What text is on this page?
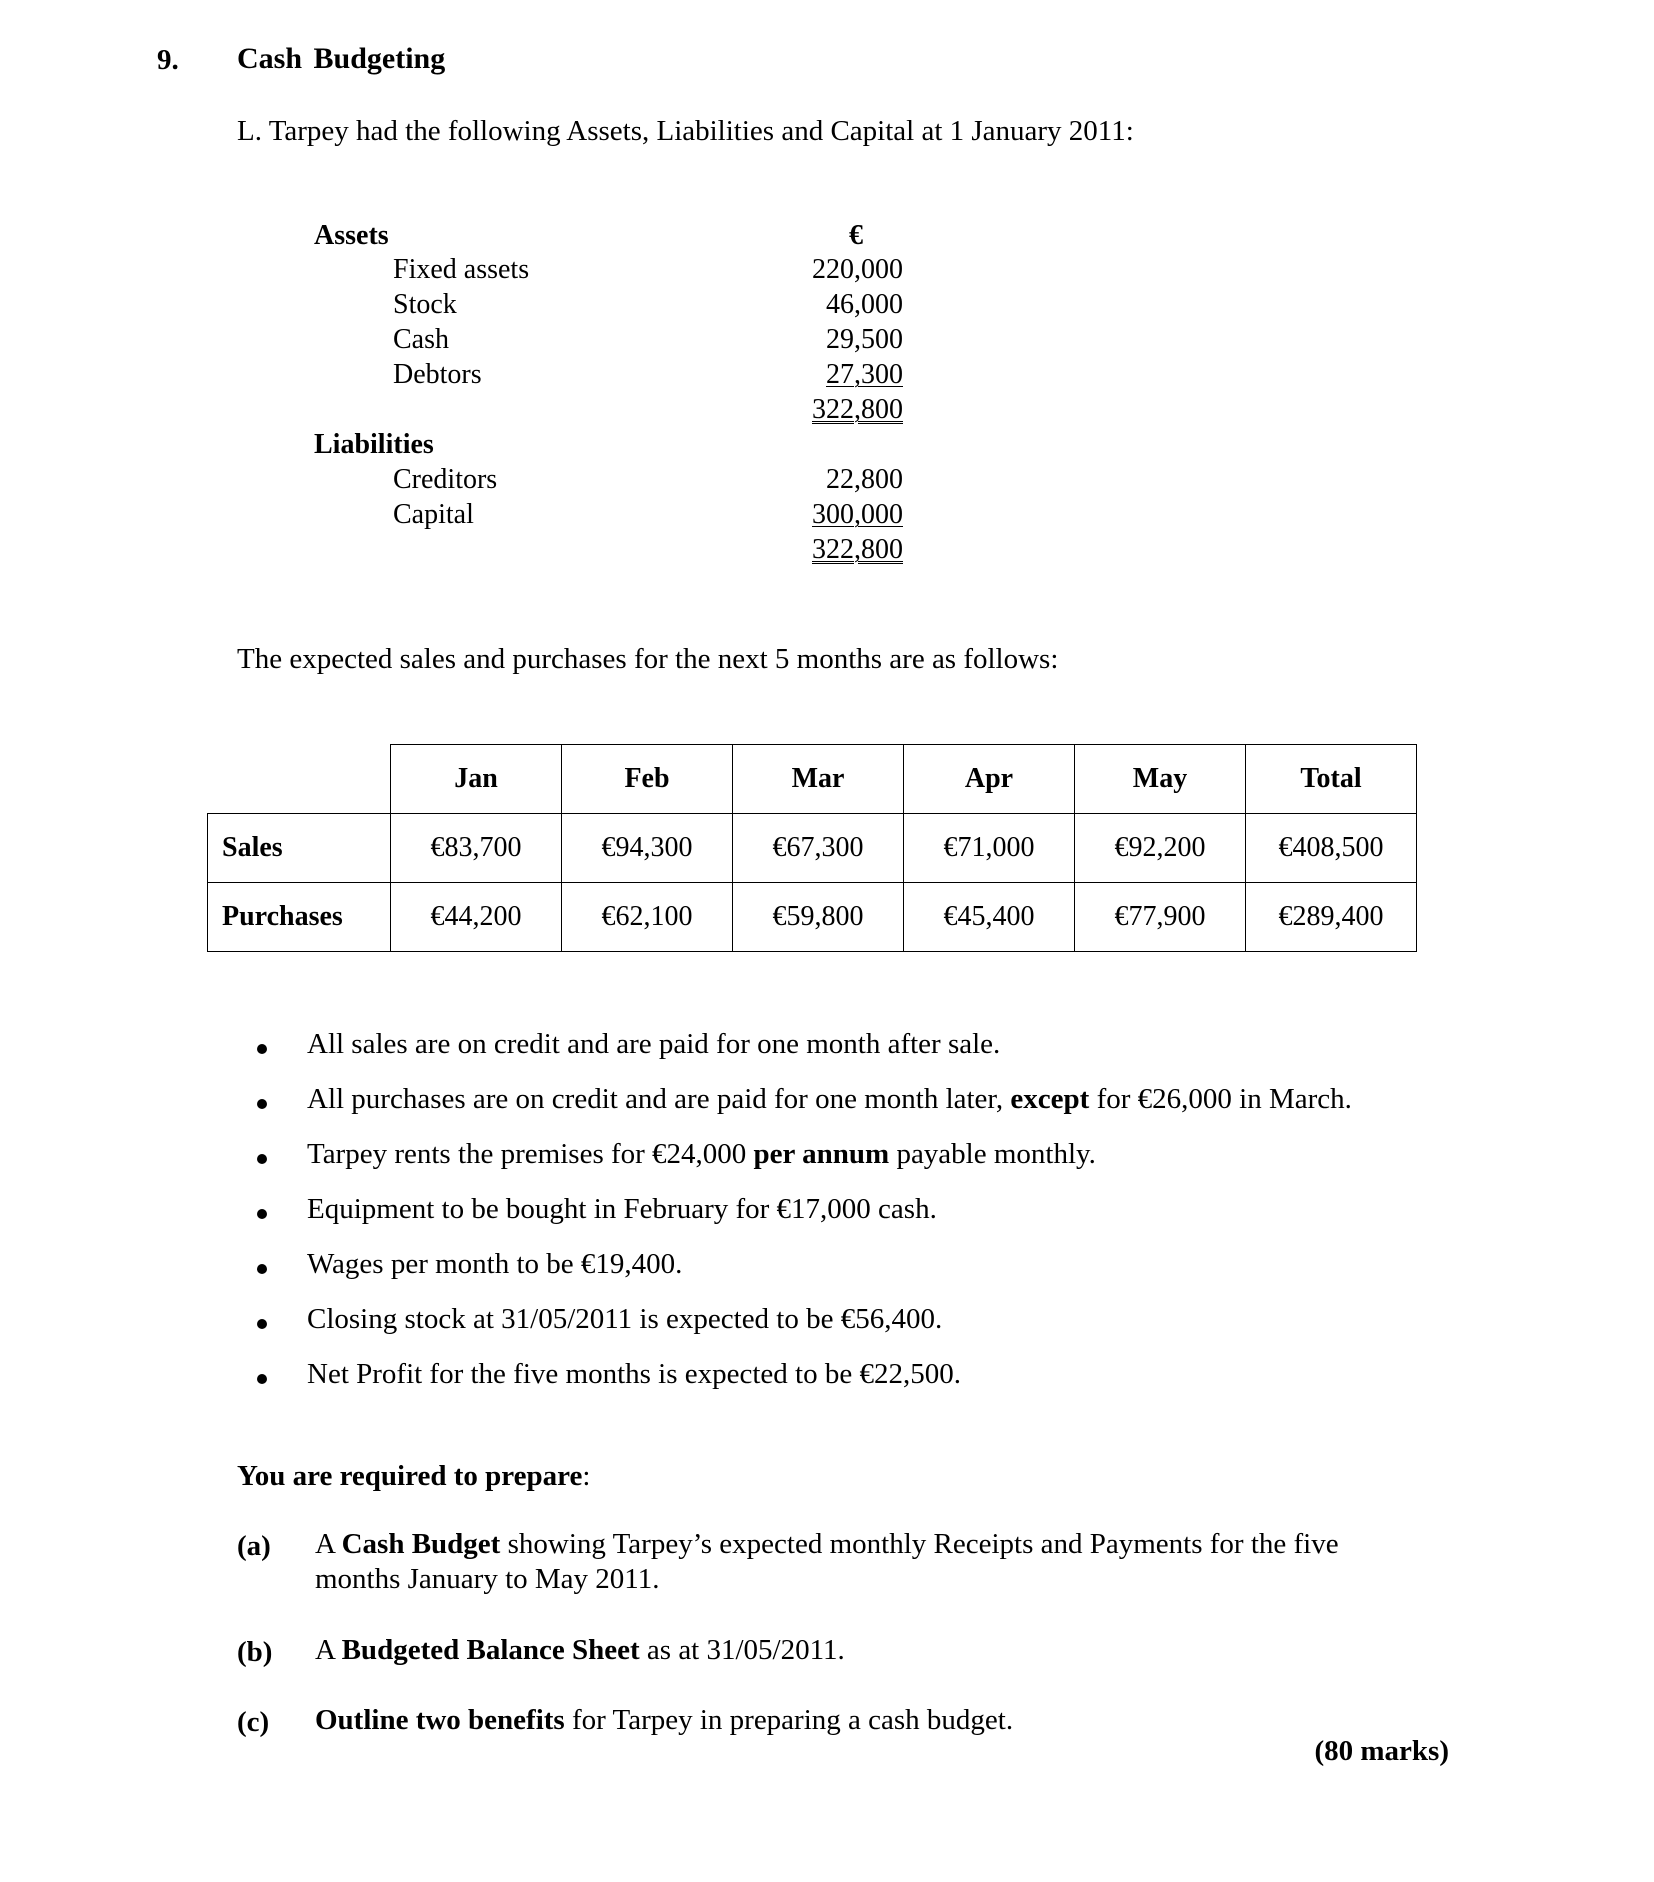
9. Cash Budgeting
L. Tarpey had the following Assets, Liabilities and Capital at 1 January 2011:
Assets	€
Fixed assets	220,000
Stock	46,000
Cash	29,500
Debtors	27,300
322,800
Liabilities
Creditors	22,800
Capital	300,000
322,800
The expected sales and purchases for the next 5 months are as follows:
	Jan	Feb	Mar	Apr	May	Total
Sales	€83,700	€94,300	€67,300	€71,000	€92,200	€408,500
Purchases	€44,200	€62,100	€59,800	€45,400	€77,900	€289,400
All sales are on credit and are paid for one month after sale.
All purchases are on credit and are paid for one month later, except for €26,000 in March.
Tarpey rents the premises for €24,000 per annum payable monthly.
Equipment to be bought in February for €17,000 cash.
Wages per month to be €19,400.
Closing stock at 31/05/2011 is expected to be €56,400.
Net Profit for the five months is expected to be €22,500.
You are required to prepare:
(a) A Cash Budget showing Tarpey’s expected monthly Receipts and Payments for the five
months January to May 2011.
(b) A Budgeted Balance Sheet as at 31/05/2011.
(c) Outline two benefits for Tarpey in preparing a cash budget.
(80 marks)
